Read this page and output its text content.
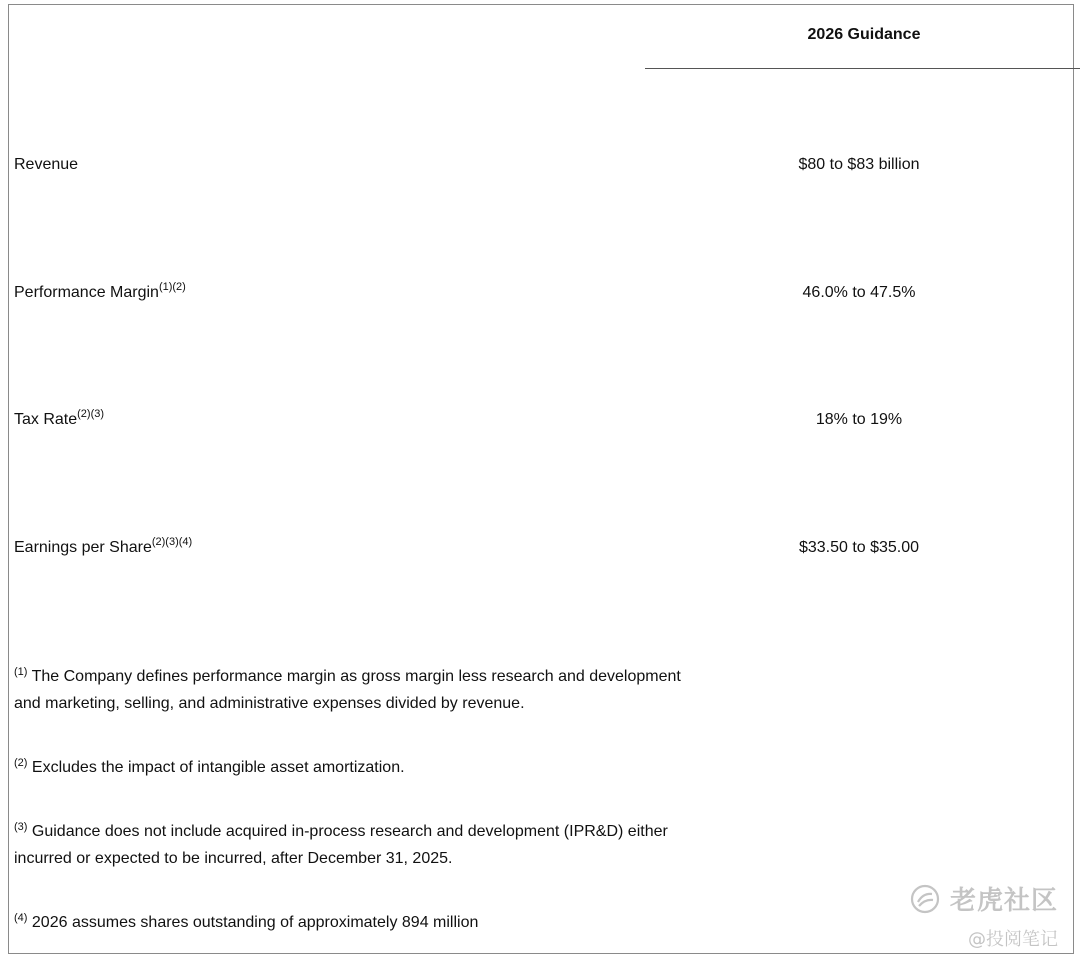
2026 Guidance
Revenue	$80 to $83 billion
Performance Margin$^{(1)(2)}$	46.0% to 47.5%
Tax Rate$^{(2)(3)}$	18% to 19%
Earnings per Share$^{(2)(3)(4)}$	$33.50 to $35.00
$^{(1)}$ The Company defines performance margin as gross margin less research and development
and marketing, selling, and administrative expenses divided by revenue.
$^{(2)}$ Excludes the impact of intangible asset amortization.
$^{(3)}$ Guidance does not include acquired in-process research and development (IPR&D) either
incurred or expected to be incurred, after December 31, 2025.
$^{(4)}$ 2026 assumes shares outstanding of approximately 894 million
老虎社区
@投阅笔记
